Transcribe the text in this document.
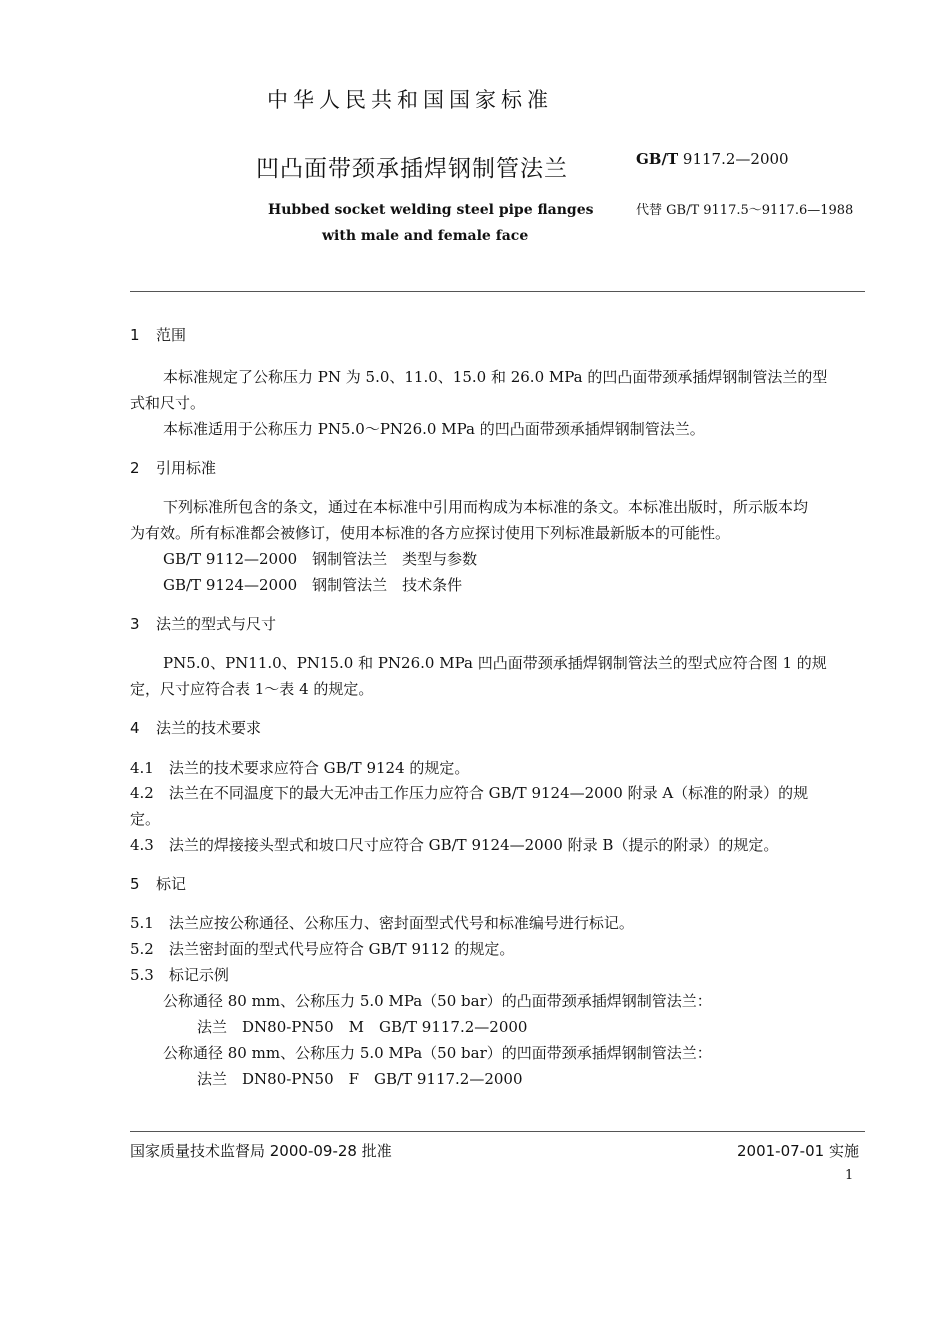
中华人民共和国国家标准
凹凸面带颈承插焊钢制管法兰	GB/T 9117.2—2000
Hubbed socket welding steel pipe flanges
with male and female face
代替 GB/T 9117.5～9117.6—1988
1 范围
本标准规定了公称压力 PN 为 5.0、11.0、15.0 和 26.0 MPa 的凹凸面带颈承插焊钢制管法兰的型
式和尺寸。
本标准适用于公称压力 PN5.0～PN26.0 MPa 的凹凸面带颈承插焊钢制管法兰。
2 引用标准
下列标准所包含的条文，通过在本标准中引用而构成为本标准的条文。本标准出版时，所示版本均
为有效。所有标准都会被修订，使用本标准的各方应探讨使用下列标准最新版本的可能性。
GB/T 9112—2000　钢制管法兰　类型与参数
GB/T 9124—2000　钢制管法兰　技术条件
3 法兰的型式与尺寸
PN5.0、PN11.0、PN15.0 和 PN26.0 MPa 凹凸面带颈承插焊钢制管法兰的型式应符合图 1 的规
定，尺寸应符合表 1～表 4 的规定。
4 法兰的技术要求
4.1　法兰的技术要求应符合 GB/T 9124 的规定。
4.2　法兰在不同温度下的最大无冲击工作压力应符合 GB/T 9124—2000 附录 A（标准的附录）的规
定。
4.3　法兰的焊接接头型式和坡口尺寸应符合 GB/T 9124—2000 附录 B（提示的附录）的规定。
5 标记
5.1　法兰应按公称通径、公称压力、密封面型式代号和标准编号进行标记。
5.2　法兰密封面的型式代号应符合 GB/T 9112 的规定。
5.3　标记示例
公称通径 80 mm、公称压力 5.0 MPa（50 bar）的凸面带颈承插焊钢制管法兰：
法兰　DN80-PN50　M　GB/T 9117.2—2000
公称通径 80 mm、公称压力 5.0 MPa（50 bar）的凹面带颈承插焊钢制管法兰：
法兰　DN80-PN50　F　GB/T 9117.2—2000
国家质量技术监督局 2000-09-28 批准	2001-07-01 实施
1
